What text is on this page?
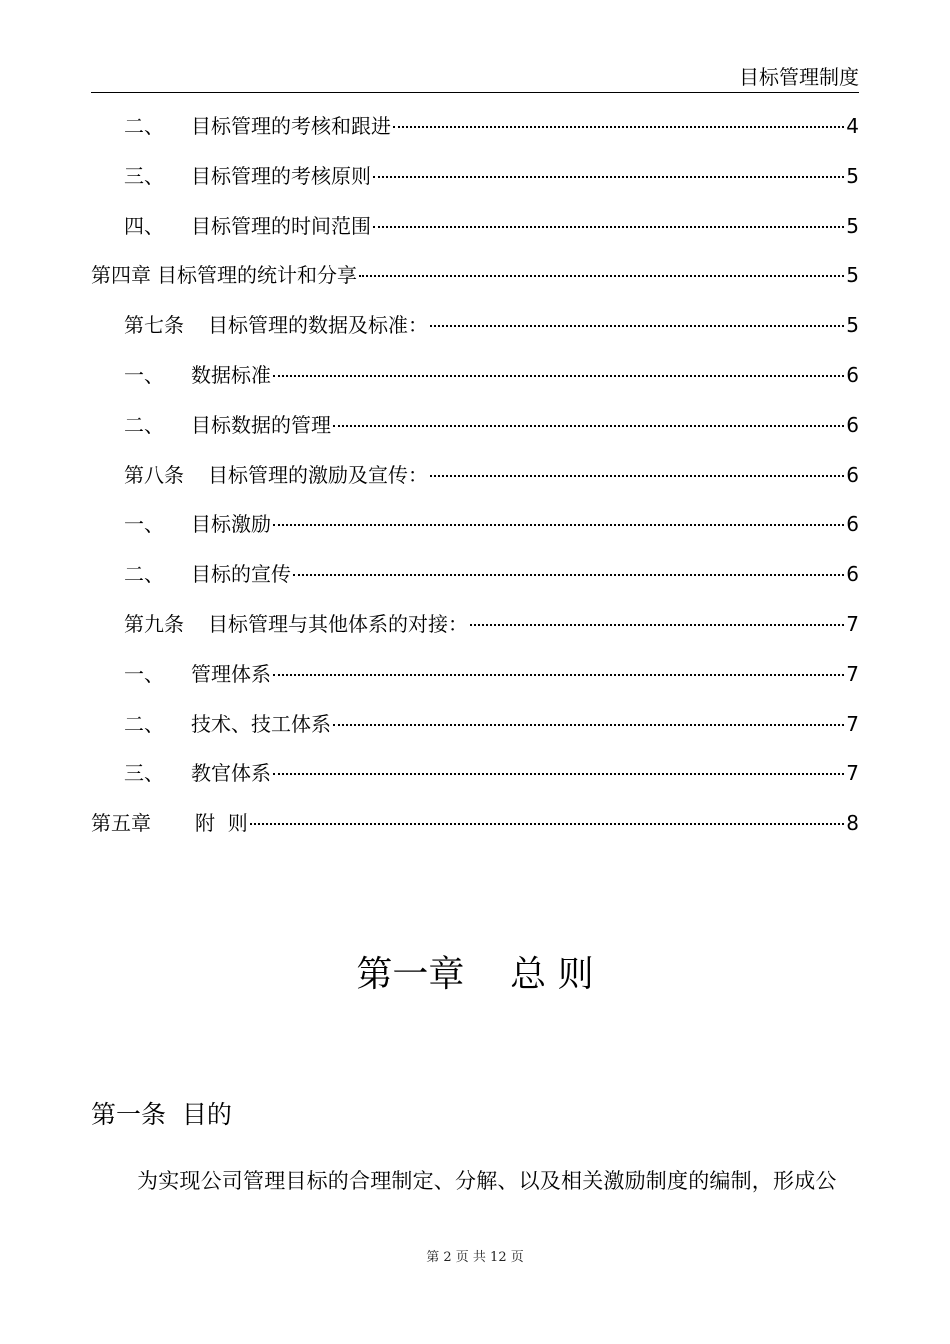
目标管理制度
二、	目标管理的考核和跟进	4
三、	目标管理的考核原则	5
四、	目标管理的时间范围	5
第四章 目标管理的统计和分享	5
第七条	目标管理的数据及标准：	5
一、	数据标准	6
二、	目标数据的管理	6
第八条	目标管理的激励及宣传：	6
一、	目标激励	6
二、	目标的宣传	6
第九条	目标管理与其他体系的对接：	7
一、	管理体系	7
二、	技术、技工体系	7
三、	教官体系	7
第五章	附  则	8
第一章    总 则
第一条  目的
为实现公司管理目标的合理制定、分解、以及相关激励制度的编制，形成公
第 2 页 共 12 页
